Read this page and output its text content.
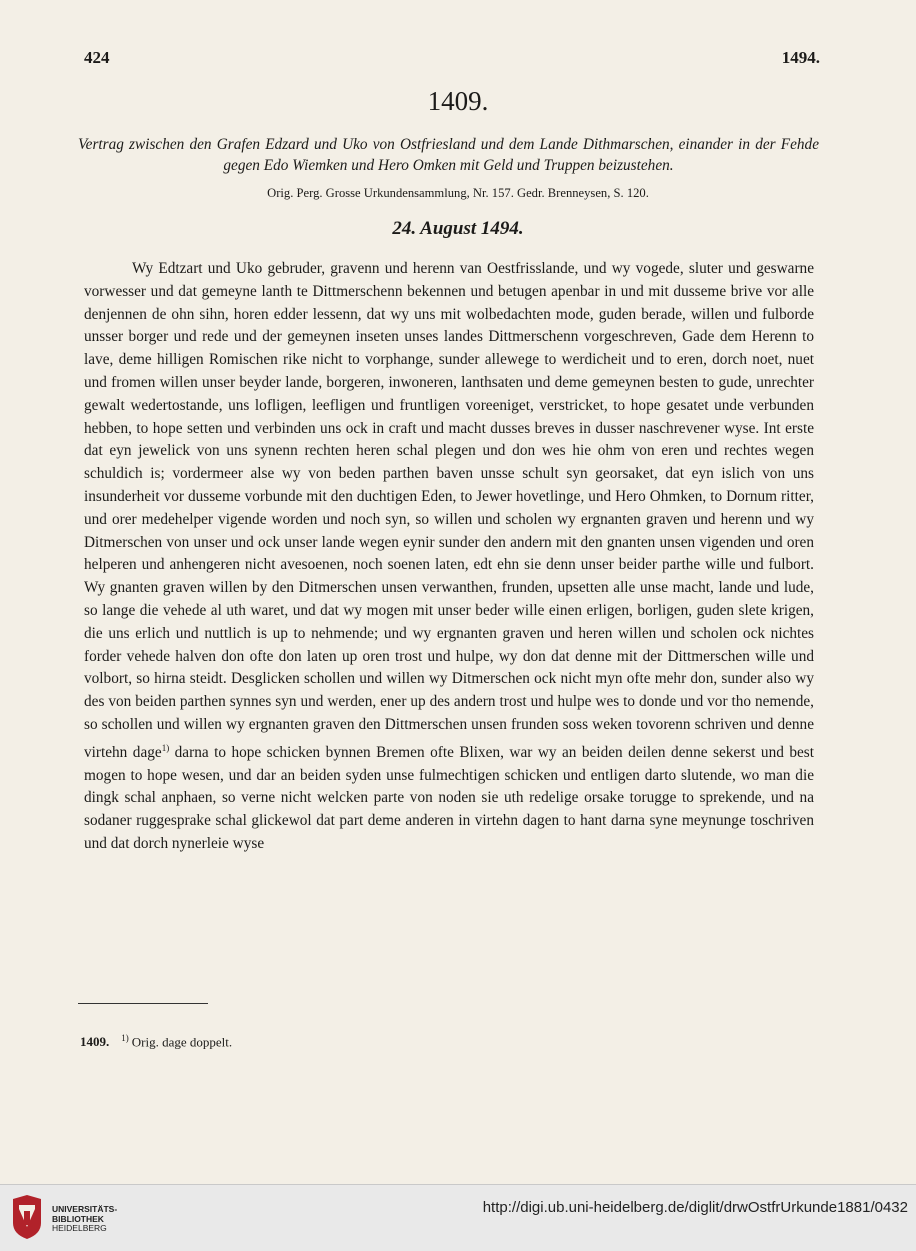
424	1494.
1409.
Vertrag zwischen den Grafen Edzard und Uko von Ostfriesland und dem Lande Dithmarschen, einander in der Fehde gegen Edo Wiemken und Hero Omken mit Geld und Truppen beizustehen.
Orig. Perg. Grosse Urkundensammlung, Nr. 157. Gedr. Brenneysen, S. 120.
24. August 1494.
Wy Edtzart und Uko gebruder, gravenn und herenn van Oestfrisslande, und wy vogede, sluter und geswarne vorwesser und dat gemeyne lanth te Dittmerschenn bekennen und betugen apenbar in und mit dusseme brive vor alle denjennen de ohn sihn, horen edder lessenn, dat wy uns mit wolbedachten mode, guden berade, willen und fulborde unsser borger und rede und der gemeynen inseten unses landes Dittmerschenn vorgeschreven, Gade dem Herenn to lave, deme hilligen Romischen rike nicht to vorphange, sunder allewege to werdicheit und to eren, dorch noet, nuet und fromen willen unser beyder lande, borgeren, inwoneren, lanthsaten und deme gemeynen besten to gude, unrechter gewalt wedertostande, uns lofligen, leefligen und fruntligen voreeniget, verstricket, to hope gesatet unde verbunden hebben, to hope setten und verbinden uns ock in craft und macht dusses breves in dusser naschrevener wyse. Int erste dat eyn jewelick von uns synenn rechten heren schal plegen und don wes hie ohm von eren und rechtes wegen schuldich is; vordermeer alse wy von beden parthen baven unsse schult syn georsaket, dat eyn islich von uns insunderheit vor dusseme vorbunde mit den duchtigen Eden, to Jewer hovetlinge, und Hero Ohmken, to Dornum ritter, und orer medehelper vigende worden und noch syn, so willen und scholen wy ergnanten graven und herenn und wy Ditmerschen von unser und ock unser lande wegen eynir sunder den andern mit den gnanten unsen vigenden und oren helperen und anhengeren nicht avesoenen, noch soenen laten, edt ehn sie denn unser beider parthe wille und fulbort. Wy gnanten graven willen by den Ditmerschen unsen verwanthen, frunden, upsetten alle unse macht, lande und lude, so lange die vehede al uth waret, und dat wy mogen mit unser beder wille einen erligen, borligen, guden slete krigen, die uns erlich und nuttlich is up to nehmende; und wy ergnanten graven und heren willen und scholen ock nichtes forder vehede halven don ofte don laten up oren trost und hulpe, wy don dat denne mit der Dittmerschen wille und volbort, so hirna steidt. Desglicken schollen und willen wy Ditmerschen ock nicht myn ofte mehr don, sunder also wy des von beiden parthen synnes syn und werden, ener up des andern trost und hulpe wes to donde und vor tho nemende, so schollen und willen wy ergnanten graven den Dittmerschen unsen frunden soss weken tovorenn schriven und denne virtehn dage$^{1)}$ darna to hope schicken bynnen Bremen ofte Blixen, war wy an beiden deilen denne sekerst und best mogen to hope wesen, und dar an beiden syden unse fulmechtigen schicken und entligen darto slutende, wo man die dingk schal anphaen, so verne nicht welcken parte von noden sie uth redelige orsake torugge to sprekende, und na sodaner ruggesprake schal glickewol dat part deme anderen in virtehn dagen to hant darna syne meynunge toschriven und dat dorch nynerleie wyse
1409. $^{1)}$ Orig. dage doppelt.
UNIVERSITÄTS-
BIBLIOTHEK
HEIDELBERG
http://digi.ub.uni-heidelberg.de/diglit/drwOstfrUrkunde1881/0432
